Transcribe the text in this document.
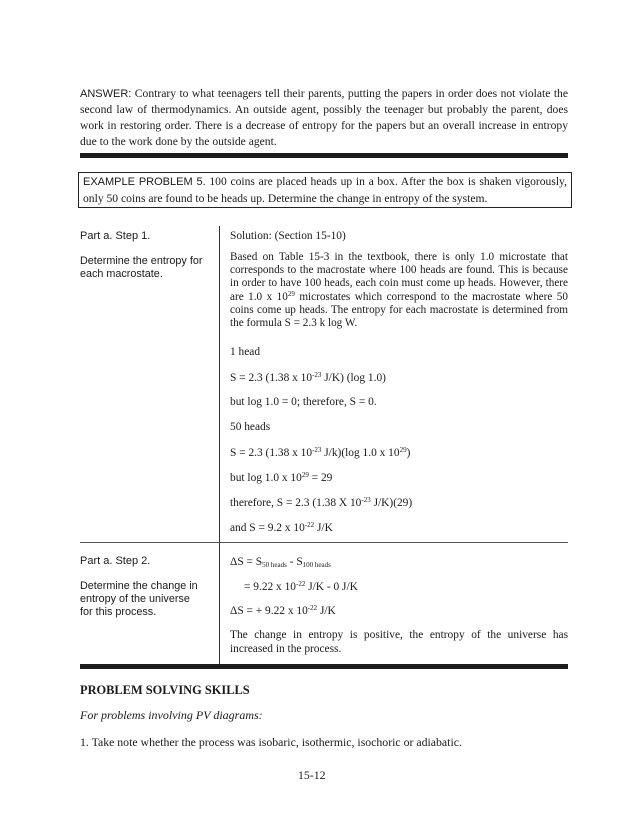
ANSWER: Contrary to what teenagers tell their parents, putting the papers in order does not violate the second law of thermodynamics. An outside agent, possibly the teenager but probably the parent, does work in restoring order. There is a decrease of entropy for the papers but an overall increase in entropy due to the work done by the outside agent.
EXAMPLE PROBLEM 5. 100 coins are placed heads up in a box. After the box is shaken vigorously, only 50 coins are found to be heads up. Determine the change in entropy of the system.
Part a. Step 1.
Determine the entropy for each macrostate.

Solution: (Section 15-10)

Based on Table 15-3 in the textbook, there is only 1.0 microstate that corresponds to the macrostate where 100 heads are found. This is because in order to have 100 heads, each coin must come up heads. However, there are 1.0 x $10^{29}$ microstates which correspond to the macrostate where 50 coins come up heads. The entropy for each macrostate is determined from the formula S = 2.3 k log W.

1 head
S = 2.3 (1.38 x $10^{-23}$ J/K) (log 1.0)
but log 1.0 = 0; therefore, S = 0.
50 heads
S = 2.3 (1.38 x $10^{-23}$ J/k)(log 1.0 x $10^{29}$)
but log 1.0 x $10^{29} = 29$
therefore, S = 2.3 (1.38 X $10^{-23}$ J/K)(29)
and S = 9.2 x $10^{-22}$ J/K
Part a. Step 2.
Determine the change in entropy of the universe for this process.
$\Delta S = S_{50 heads} - S_{100 heads}$
= 9.22 x $10^{-22}$ J/K - 0 J/K
ΔS = + 9.22 x $10^{-22}$ J/K
The change in entropy is positive, the entropy of the universe has increased in the process.
PROBLEM SOLVING SKILLS
For problems involving PV diagrams:
1. Take note whether the process was isobaric, isothermic, isochoric or adiabatic.
15-12
